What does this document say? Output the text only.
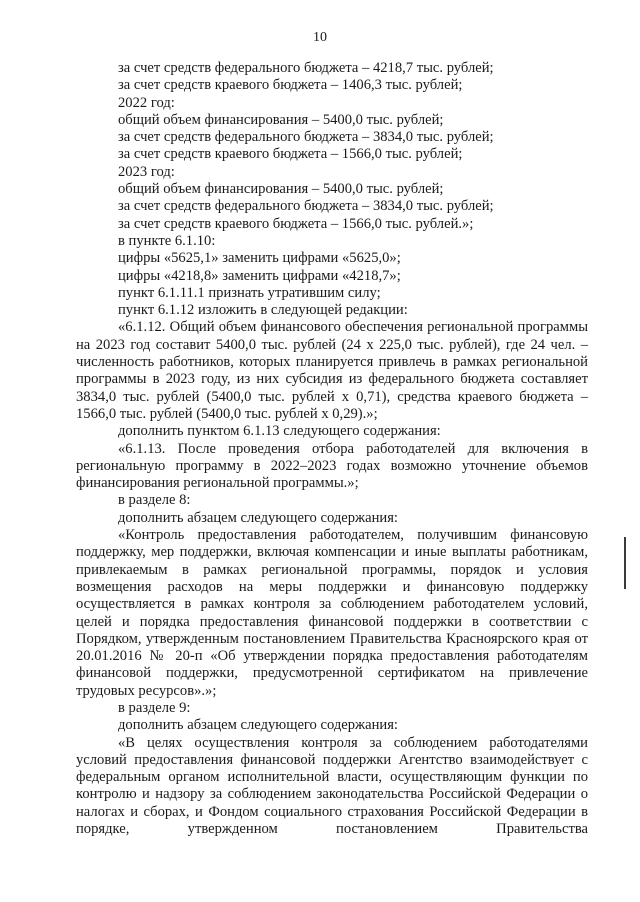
10

за счет средств федерального бюджета – 4218,7 тыс. рублей;

за счет средств краевого бюджета – 1406,3 тыс. рублей;

2022 год:

общий объем финансирования – 5400,0 тыс. рублей;

за счет средств федерального бюджета – 3834,0 тыс. рублей;

за счет средств краевого бюджета – 1566,0 тыс. рублей;

2023 год:

общий объем финансирования – 5400,0 тыс. рублей;

за счет средств федерального бюджета – 3834,0 тыс. рублей;

за счет средств краевого бюджета – 1566,0 тыс. рублей.»;

в пункте 6.1.10:

цифры «5625,1» заменить цифрами «5625,0»;

цифры «4218,8» заменить цифрами «4218,7»;

пункт 6.1.11.1 признать утратившим силу;

пункт 6.1.12 изложить в следующей редакции:

«6.1.12. Общий объем финансового обеспечения региональной программы на 2023 год составит 5400,0 тыс. рублей (24 х 225,0 тыс. рублей), где 24 чел. – численность работников, которых планируется привлечь в рамках региональной программы в 2023 году, из них субсидия из федерального бюджета составляет 3834,0 тыс. рублей (5400,0 тыс. рублей х 0,71), средства краевого бюджета – 1566,0 тыс. рублей (5400,0 тыс. рублей х 0,29).»;

дополнить пунктом 6.1.13 следующего содержания:

«6.1.13. После проведения отбора работодателей для включения в региональную программу в 2022–2023 годах возможно уточнение объемов финансирования региональной программы.»;

в разделе 8:

дополнить абзацем следующего содержания:

«Контроль предоставления работодателем, получившим финансовую поддержку, мер поддержки, включая компенсации и иные выплаты работникам, привлекаемым в рамках региональной программы, порядок и условия возмещения расходов на меры поддержки и финансовую поддержку осуществляется в рамках контроля за соблюдением работодателем условий, целей и порядка предоставления финансовой поддержки в соответствии с Порядком, утвержденным постановлением Правительства Красноярского края от 20.01.2016 № 20-п «Об утверждении порядка предоставления работодателям финансовой поддержки, предусмотренной сертификатом на привлечение трудовых ресурсов».»;

в разделе 9:

дополнить абзацем следующего содержания:

«В целях осуществления контроля за соблюдением работодателями условий предоставления финансовой поддержки Агентство взаимодействует с федеральным органом исполнительной власти, осуществляющим функции по контролю и надзору за соблюдением законодательства Российской Федерации о налогах и сборах, и Фондом социального страхования Российской Федерации в порядке, утвержденном постановлением Правительства
